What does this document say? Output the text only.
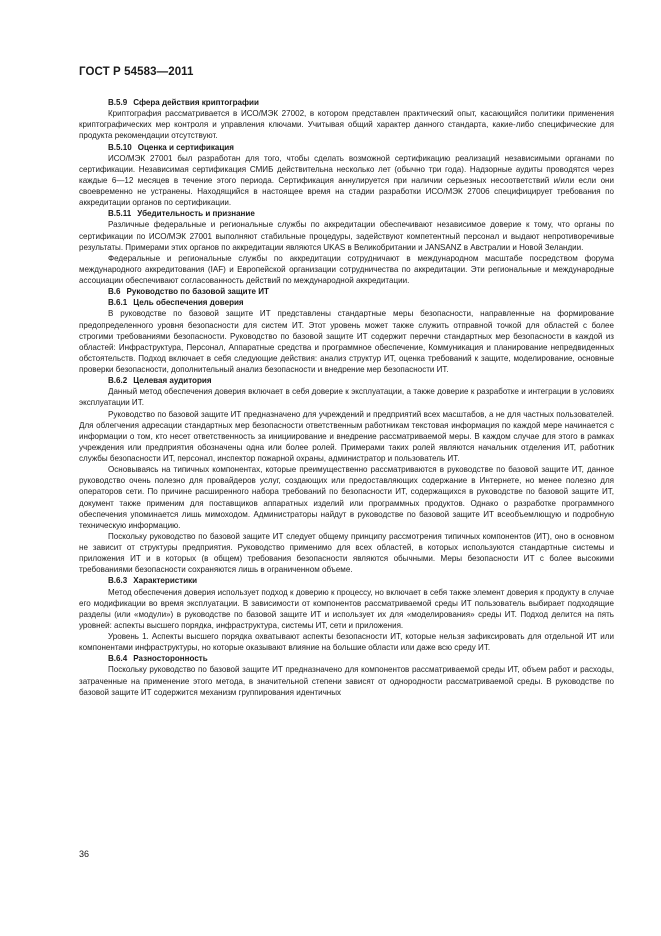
ГОСТ Р 54583—2011
В.5.9 Сфера действия криптографии

Криптография рассматривается в ИСО/МЭК 27002, в котором представлен практический опыт, касающийся политики применения криптографических мер контроля и управления ключами. Учитывая общий характер данного стандарта, какие-либо специфические для продукта рекомендации отсутствуют.

В.5.10 Оценка и сертификация

ИСО/МЭК 27001 был разработан для того, чтобы сделать возможной сертификацию реализаций независимыми органами по сертификации. Независимая сертификация СМИБ действительна несколько лет (обычно три года). Надзорные аудиты проводятся через каждые 6—12 месяцев в течение этого периода. Сертификация аннулируется при наличии серьезных несоответствий и/или если они своевременно не устранены. Находящийся в настоящее время на стадии разработки ИСО/МЭК 27006 специфицирует требования по аккредитации органов по сертификации.

В.5.11 Убедительность и признание

Различные федеральные и региональные службы по аккредитации обеспечивают независимое доверие к тому, что органы по сертификации по ИСО/МЭК 27001 выполняют стабильные процедуры, задействуют компетентный персонал и выдают непротиворечивые результаты. Примерами этих органов по аккредитации являются UKAS в Великобритании и JANSANZ в Австралии и Новой Зеландии.

Федеральные и региональные службы по аккредитации сотрудничают в международном масштабе посредством форума международного аккредитования (IAF) и Европейской организации сотрудничества по аккредитации. Эти региональные и международные ассоциации обеспечивают согласованность действий по международной аккредитации.

В.6 Руководство по базовой защите ИТ
В.6.1 Цель обеспечения доверия

В руководстве по базовой защите ИТ представлены стандартные меры безопасности, направленные на формирование предопределенного уровня безопасности для систем ИТ. Этот уровень может также служить отправной точкой для областей с более строгими требованиями безопасности. Руководство по базовой защите ИТ содержит перечни стандартных мер безопасности в каждой из областей: Инфраструктура, Персонал, Аппаратные средства и программное обеспечение, Коммуникация и планирование непредвиденных обстоятельств. Подход включает в себя следующие действия: анализ структур ИТ, оценка требований к защите, моделирование, основные проверки безопасности, дополнительный анализ безопасности и внедрение мер безопасности ИТ.

В.6.2 Целевая аудитория

Данный метод обеспечения доверия включает в себя доверие к эксплуатации, а также доверие к разработке и интеграции в условиях эксплуатации ИТ.

Руководство по базовой защите ИТ предназначено для учреждений и предприятий всех масштабов, а не для частных пользователей. Для облегчения адресации стандартных мер безопасности ответственным работникам текстовая информация по каждой мере начинается с информации о том, кто несет ответственность за инициирование и внедрение рассматриваемой меры. В каждом случае для этого в рамках учреждения или предприятия обозначены одна или более ролей. Примерами таких ролей являются начальник отделения ИТ, работник службы безопасности ИТ, персонал, инспектор пожарной охраны, администратор и пользователь ИТ.

Основываясь на типичных компонентах, которые преимущественно рассматриваются в руководстве по базовой защите ИТ, данное руководство очень полезно для провайдеров услуг, создающих или предоставляющих содержание в Интернете, но менее полезно для операторов сети. По причине расширенного набора требований по безопасности ИТ, содержащихся в руководстве по базовой защите ИТ, документ также применим для поставщиков аппаратных изделий или программных продуктов. Однако о разработке программного обеспечения упоминается лишь мимоходом. Администраторы найдут в руководстве по базовой защите ИТ всеобъемлющую и подробную техническую информацию.

Поскольку руководство по базовой защите ИТ следует общему принципу рассмотрения типичных компонентов (ИТ), оно в основном не зависит от структуры предприятия. Руководство применимо для всех областей, в которых используются стандартные системы и приложения ИТ и в которых (в общем) требования безопасности являются обычными. Меры безопасности ИТ с более высокими требованиями безопасности сохраняются лишь в ограниченном объеме.

В.6.3 Характеристики

Метод обеспечения доверия использует подход к доверию к процессу, но включает в себя также элемент доверия к продукту в случае его модификации во время эксплуатации. В зависимости от компонентов рассматриваемой среды ИТ пользователь выбирает подходящие разделы (или «модули») в руководстве по базовой защите ИТ и использует их для «моделирования» среды ИТ. Подход делится на пять уровней: аспекты высшего порядка, инфраструктура, системы ИТ, сети и приложения.

Уровень 1. Аспекты высшего порядка охватывают аспекты безопасности ИТ, которые нельзя зафиксировать для отдельной ИТ или компонентами инфраструктуры, но которые оказывают влияние на большие области или даже всю среду ИТ.

В.6.4 Разносторонность

Поскольку руководство по базовой защите ИТ предназначено для компонентов рассматриваемой среды ИТ, объем работ и расходы, затраченные на применение этого метода, в значительной степени зависят от однородности рассматриваемой среды. В руководстве по базовой защите ИТ содержится механизм группирования идентичных

36
